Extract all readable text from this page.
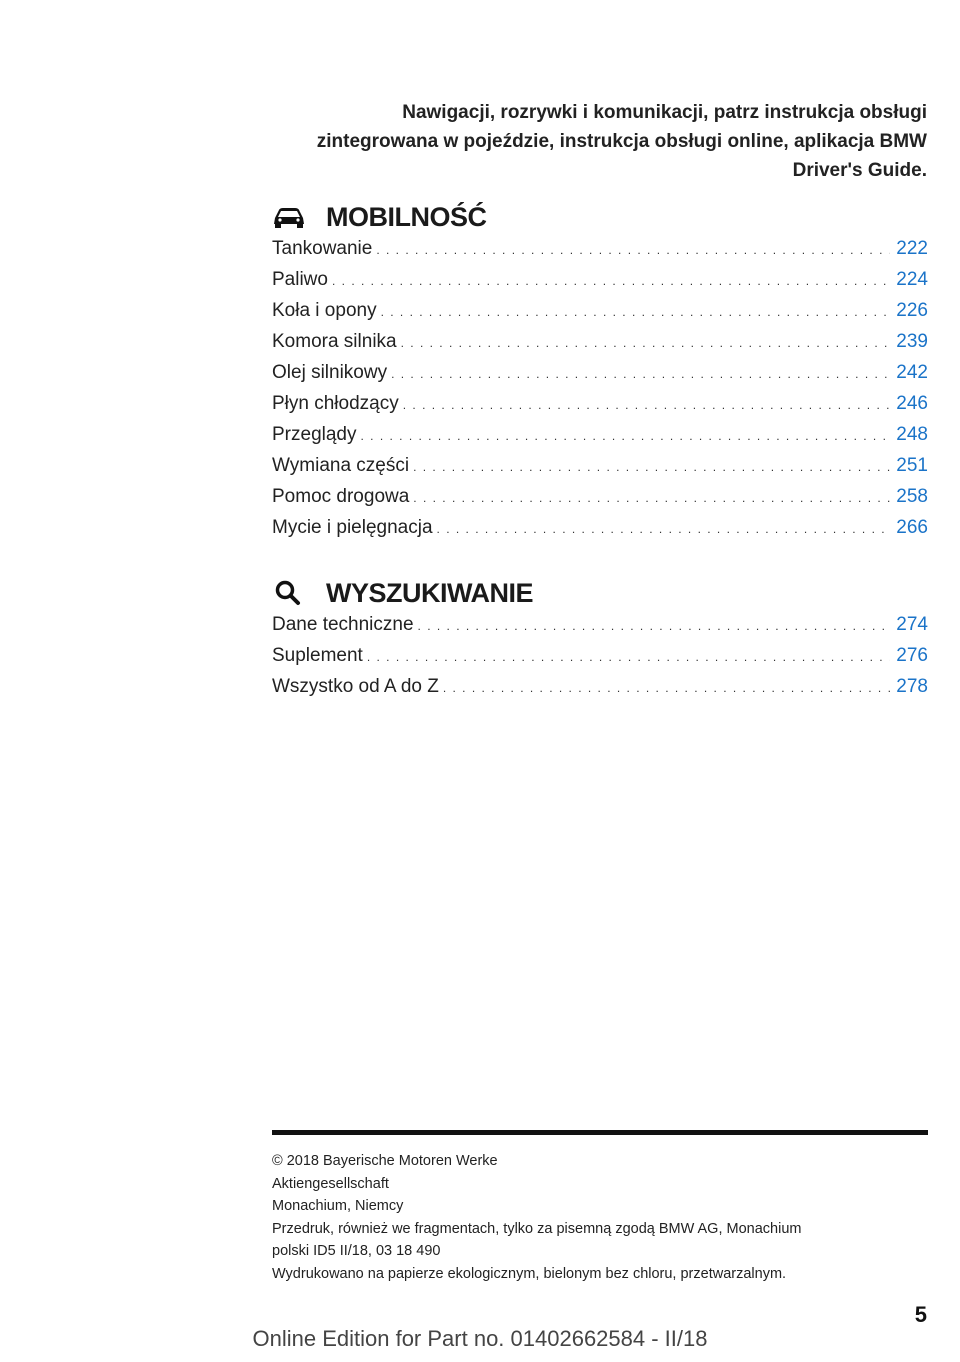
Nawigacji, rozrywki i komunikacji, patrz instrukcja obsługi
zintegrowana w pojeździe, instrukcja obsługi online, aplikacja BMW
Driver's Guide.
MOBILNOŚĆ
Tankowanie . . .	222
Paliwo . . .	224
Koła i opony . . .	226
Komora silnika . . .	239
Olej silnikowy . . .	242
Płyn chłodzący . . .	246
Przeglądy . . .	248
Wymiana części . . .	251
Pomoc drogowa . . .	258
Mycie i pielęgnacja . . .	266
WYSZUKIWANIE
Dane techniczne . . .	274
Suplement . . .	276
Wszystko od A do Z . . .	278
© 2018 Bayerische Motoren Werke
Aktiengesellschaft
Monachium, Niemcy
Przedruk, również we fragmentach, tylko za pisemną zgodą BMW AG, Monachium
polski ID5 II/18, 03 18 490
Wydrukowano na papierze ekologicznym, bielonym bez chloru, przetwarzalnym.
5
Online Edition for Part no. 01402662584 - II/18
